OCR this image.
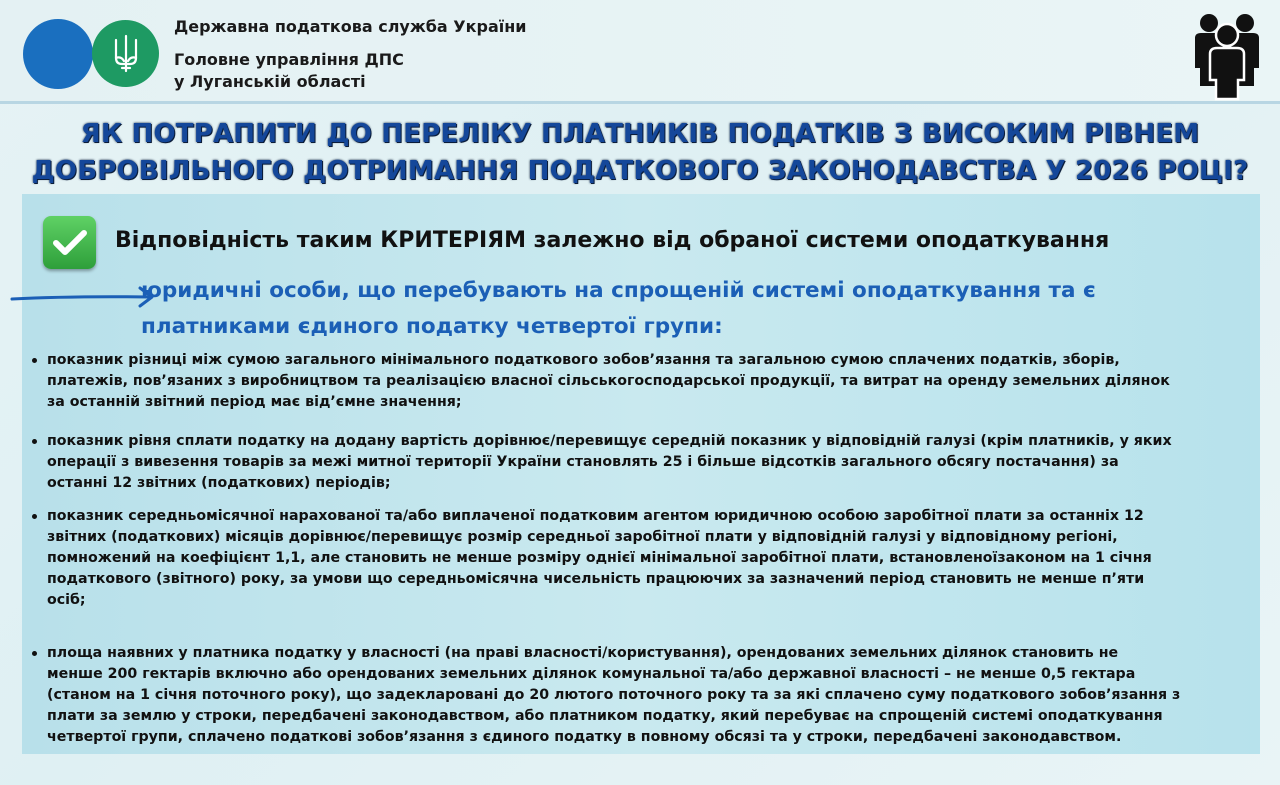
Державна податкова служба України
Головне управління ДПС
у Луганській області
ЯК ПОТРАПИТИ ДО ПЕРЕЛІКУ ПЛАТНИКІВ ПОДАТКІВ З ВИСОКИМ РІВНЕМ
ДОБРОВІЛЬНОГО ДОТРИМАННЯ ПОДАТКОВОГО ЗАКОНОДАВСТВА У 2026 РОЦІ?
Відповідність таким КРИТЕРІЯМ залежно від обраної системи оподаткування
юридичні особи, що перебувають на спрощеній системі оподаткування та є
платниками єдиного податку четвертої групи:
показник різниці між сумою загального мінімального податкового зобов’язання та загальною сумою сплачених податків, зборів,
платежів, пов’язаних з виробництвом та реалізацією власної сільськогосподарської продукції, та витрат на оренду земельних ділянок
за останній звітний період має від’ємне значення;
показник рівня сплати податку на додану вартість дорівнює/перевищує середній показник у відповідній галузі (крім платників, у яких
операції з вивезення товарів за межі митної території України становлять 25 і більше відсотків загального обсягу постачання) за
останні 12 звітних (податкових) періодів;
показник середньомісячної нарахованої та/або виплаченої податковим агентом юридичною особою заробітної плати за останніх 12
звітних (податкових) місяців дорівнює/перевищує розмір середньої заробітної плати у відповідній галузі у відповідному регіоні,
помножений на коефіцієнт 1,1, але становить не менше розміру однієї мінімальної заробітної плати, встановленоїзаконом на 1 січня
податкового (звітного) року, за умови що середньомісячна чисельність працюючих за зазначений період становить не менше п’яти
осіб;
площа наявних у платника податку у власності (на праві власності/користування), орендованих земельних ділянок становить не
менше 200 гектарів включно або орендованих земельних ділянок комунальної та/або державної власності – не менше 0,5 гектара
(станом на 1 січня поточного року), що задекларовані до 20 лютого поточного року та за які сплачено суму податкового зобов’язання з
плати за землю у строки, передбачені законодавством, або платником податку, який перебуває на спрощеній системі оподаткування
четвертої групи, сплачено податкові зобов’язання з єдиного податку в повному обсязі та у строки, передбачені законодавством.
